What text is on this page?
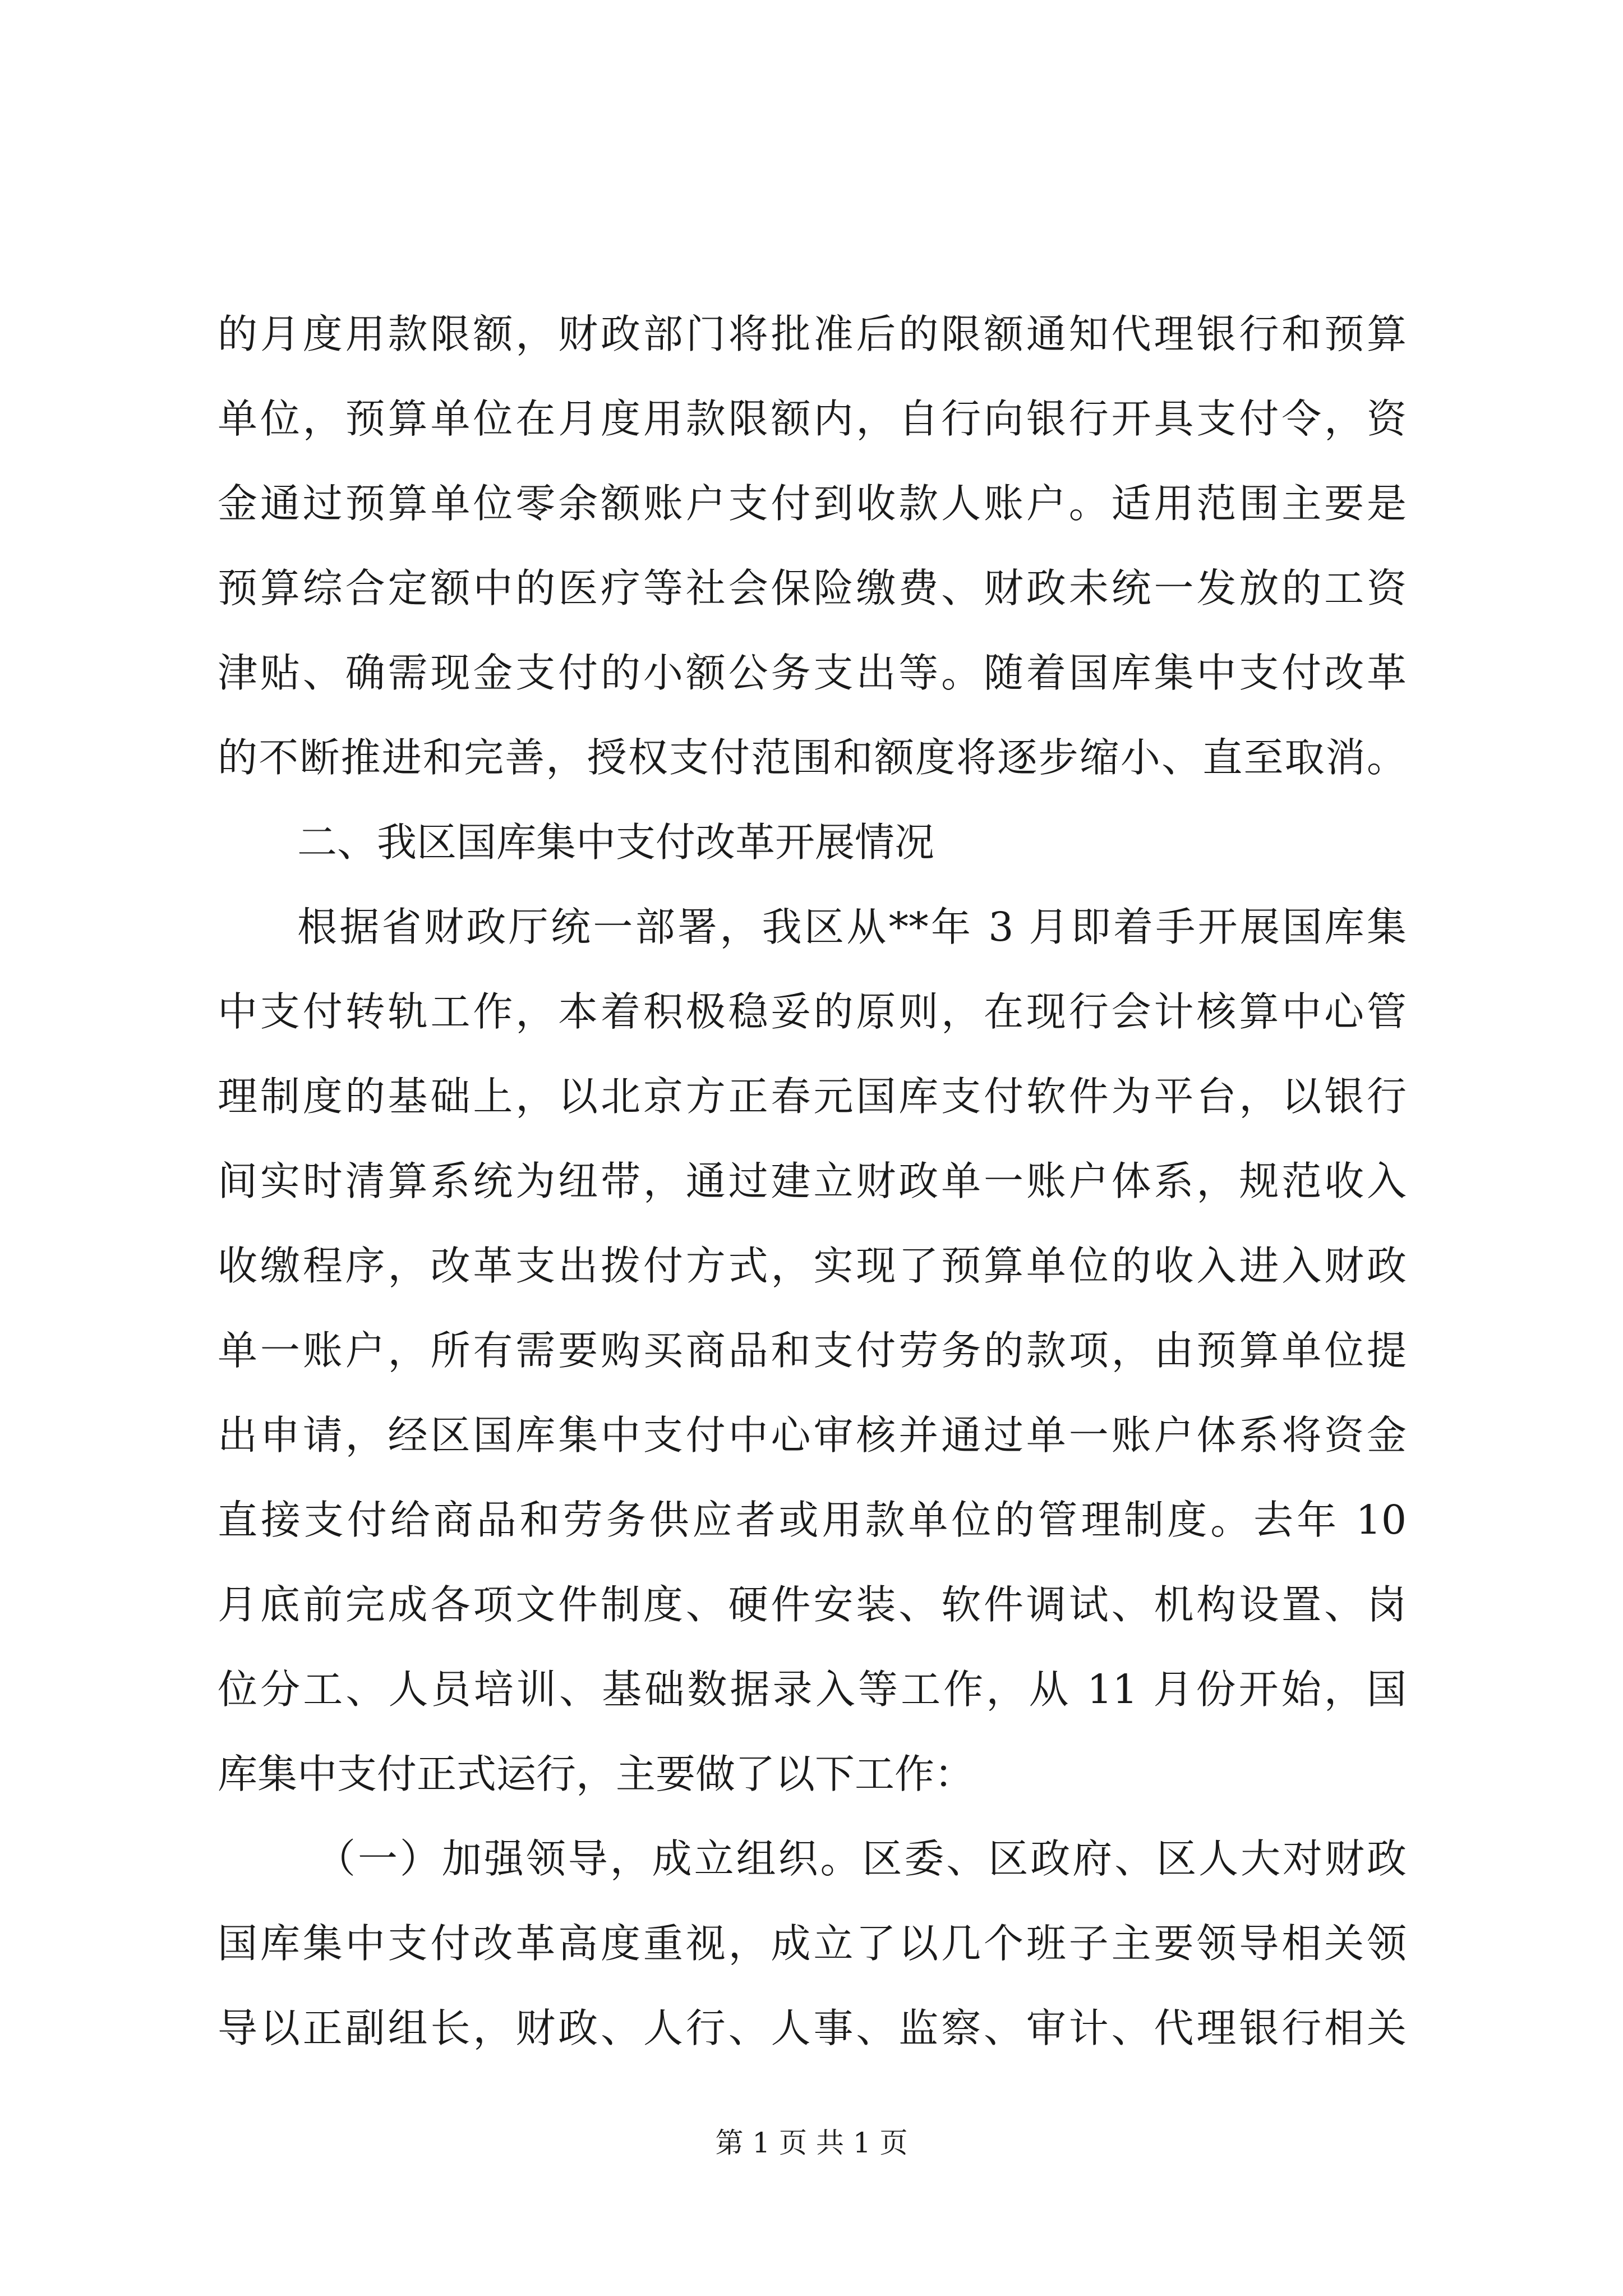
的月度用款限额，财政部门将批准后的限额通知代理银行和预算
单位，预算单位在月度用款限额内，自行向银行开具支付令，资
金通过预算单位零余额账户支付到收款人账户。适用范围主要是
预算综合定额中的医疗等社会保险缴费、财政未统一发放的工资
津贴、确需现金支付的小额公务支出等。随着国库集中支付改革
的不断推进和完善，授权支付范围和额度将逐步缩小、直至取消。
二、我区国库集中支付改革开展情况
根据省财政厅统一部署，我区从**年 3 月即着手开展国库集
中支付转轨工作，本着积极稳妥的原则，在现行会计核算中心管
理制度的基础上，以北京方正春元国库支付软件为平台，以银行
间实时清算系统为纽带，通过建立财政单一账户体系，规范收入
收缴程序，改革支出拨付方式，实现了预算单位的收入进入财政
单一账户，所有需要购买商品和支付劳务的款项，由预算单位提
出申请，经区国库集中支付中心审核并通过单一账户体系将资金
直接支付给商品和劳务供应者或用款单位的管理制度。去年 10
月底前完成各项文件制度、硬件安装、软件调试、机构设置、岗
位分工、人员培训、基础数据录入等工作，从 11 月份开始，国
库集中支付正式运行，主要做了以下工作：
（一）加强领导，成立组织。区委、区政府、区人大对财政
国库集中支付改革高度重视，成立了以几个班子主要领导相关领
导以正副组长，财政、人行、人事、监察、审计、代理银行相关
第 1 页 共 1 页
